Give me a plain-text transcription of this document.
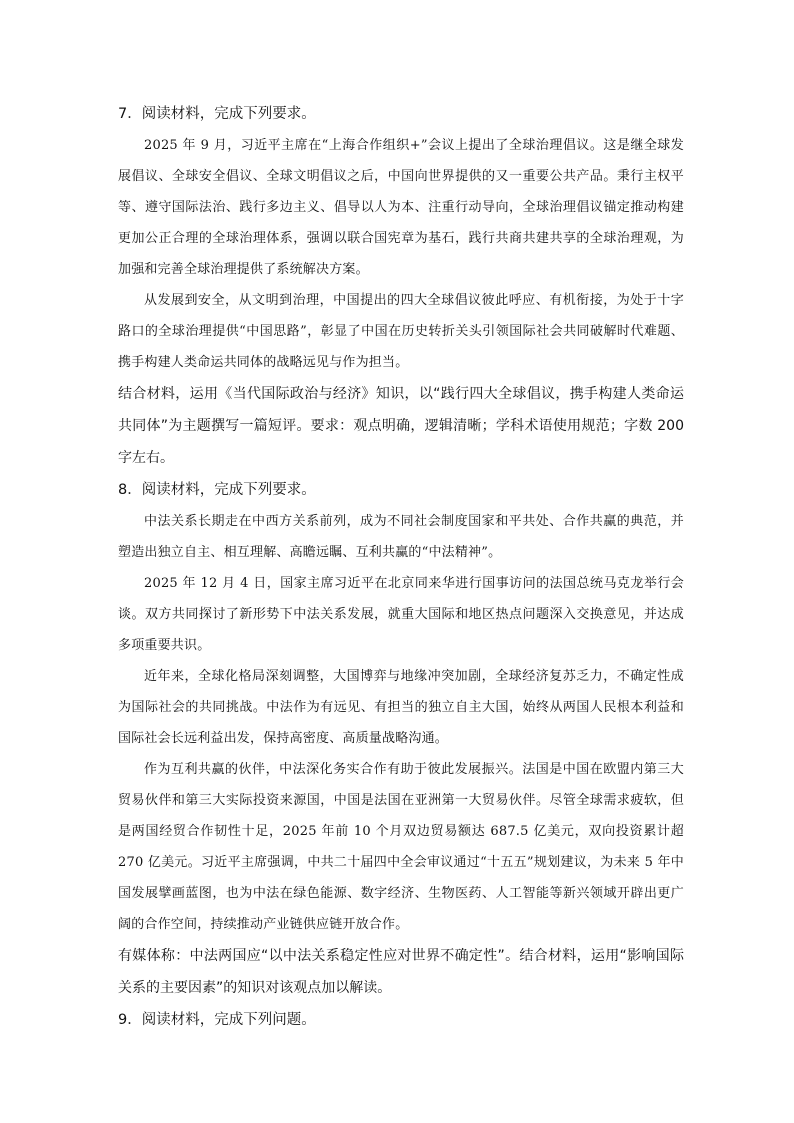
7．阅读材料，完成下列要求。

2025 年 9 月，习近平主席在“上海合作组织+”会议上提出了全球治理倡议。这是继全球发展倡议、全球安全倡议、全球文明倡议之后，中国向世界提供的又一重要公共产品。秉行主权平等、遵守国际法治、践行多边主义、倡导以人为本、注重行动导向，全球治理倡议锚定推动构建更加公正合理的全球治理体系，强调以联合国宪章为基石，践行共商共建共享的全球治理观，为加强和完善全球治理提供了系统解决方案。

从发展到安全，从文明到治理，中国提出的四大全球倡议彼此呼应、有机衔接，为处于十字路口的全球治理提供“中国思路”，彰显了中国在历史转折关头引领国际社会共同破解时代难题、携手构建人类命运共同体的战略远见与作为担当。

结合材料，运用《当代国际政治与经济》知识，以“践行四大全球倡议，携手构建人类命运共同体”为主题撰写一篇短评。要求：观点明确，逻辑清晰；学科术语使用规范；字数 200 字左右。

8．阅读材料，完成下列要求。

中法关系长期走在中西方关系前列，成为不同社会制度国家和平共处、合作共赢的典范，并塑造出独立自主、相互理解、高瞻远瞩、互利共赢的“中法精神”。

2025 年 12 月 4 日，国家主席习近平在北京同来华进行国事访问的法国总统马克龙举行会谈。双方共同探讨了新形势下中法关系发展，就重大国际和地区热点问题深入交换意见，并达成多项重要共识。

近年来，全球化格局深刻调整，大国博弈与地缘冲突加剧，全球经济复苏乏力，不确定性成为国际社会的共同挑战。中法作为有远见、有担当的独立自主大国，始终从两国人民根本利益和国际社会长远利益出发，保持高密度、高质量战略沟通。

作为互利共赢的伙伴，中法深化务实合作有助于彼此发展振兴。法国是中国在欧盟内第三大贸易伙伴和第三大实际投资来源国，中国是法国在亚洲第一大贸易伙伴。尽管全球需求疲软，但是两国经贸合作韧性十足，2025 年前 10 个月双边贸易额达 687.5 亿美元，双向投资累计超 270 亿美元。习近平主席强调，中共二十届四中全会审议通过“十五五”规划建议，为未来 5 年中国发展擘画蓝图，也为中法在绿色能源、数字经济、生物医药、人工智能等新兴领域开辟出更广阔的合作空间，持续推动产业链供应链开放合作。

有媒体称：中法两国应“以中法关系稳定性应对世界不确定性”。结合材料，运用“影响国际关系的主要因素”的知识对该观点加以解读。

9．阅读材料，完成下列问题。
